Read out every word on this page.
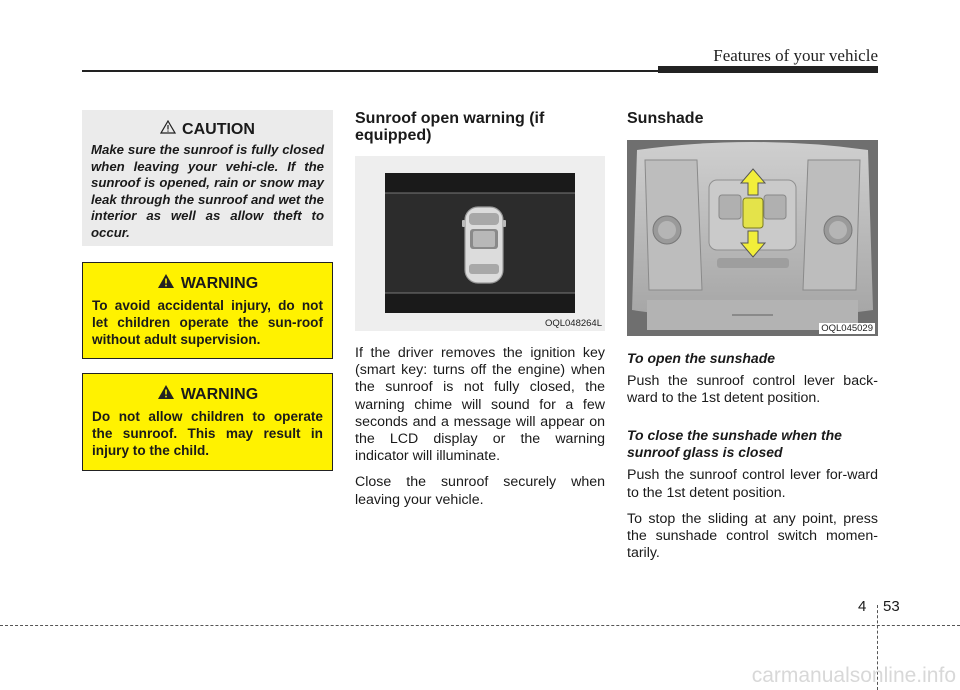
Features of your vehicle
CAUTION
Make sure the sunroof is fully closed when leaving your vehi-cle. If the sunroof is opened, rain or snow may leak through the sunroof and wet the interior as well as allow theft to occur.
WARNING
To avoid accidental injury, do not let children operate the sun-roof without adult supervision.
WARNING
Do not allow children to operate the sunroof. This may result in injury to the child.
Sunroof open warning (if equipped)
OQL048264L

If the driver removes the ignition key (smart key: turns off the engine) when the sunroof is not fully closed, the warning chime will sound for a few seconds and a message will appear on the LCD display or the warning indicator will illuminate.

Close the sunroof securely when leaving your vehicle.

Sunshade
OQL045029
To open the sunshade

Push the sunroof control lever back-ward to the 1st detent position.

To close the sunshade when the sunroof glass is closed

Push the sunroof control lever for-ward to the 1st detent position.

To stop the sliding at any point, press the sunshade control switch momen-tarily.

4 53
carmanualsonline.info
